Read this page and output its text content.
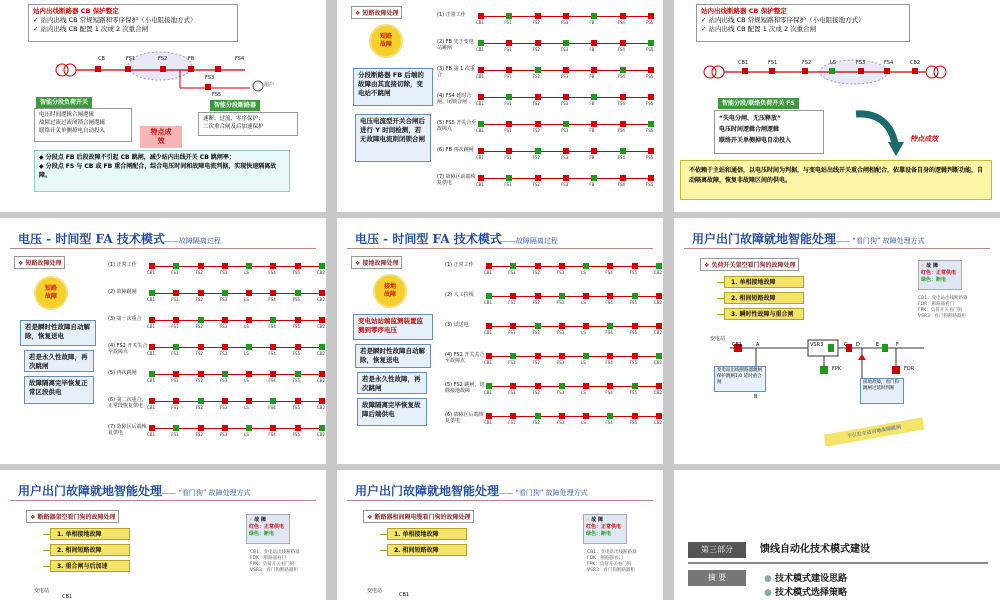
站内出线断路器 CB 保护整定
✓ 站内出线 CB 常规短路和零序保护（小电阻接地方式）
✓ 站内出线 CB 配置 1 次或 2 次重合闸
CB	FS1	FS2	FB
FS3
FS4
用户
FS5
智能分段负荷开关	智能分段断路器
电压时间逻辑合闸逻辑
故障过流过流闭锁合闸逻辑
联络开关单侧掉电自动投入
速断、过流、零序保护；
二次重合闸及后加速保护
特点成
效
◆ 分段点 FB 后段故障不引起 CB 跳闸，减少站内出线开关 CB 跳闸率；
◆ 分段点 FS 与 CB 或 FB 重合闸配合，综合电压时间和故障电流判据，实现快速隔离故障。
❖ 短路故障处理
短路
故障
分段断路器 FB 后端的故障由其直接切除，变电站不跳闸
电压电流型开关合闸后进行 Y 时间检测，若无故障电流则闭锁合闸
(1) 正常工作
CB1	FS1	FS2	FS3	FB	FS4	FS5
(2) FB 先于变电站跳闸	CB1	FS1	FS2	FS3	FB	FS4	FS5
(3) FB 第 1 次重合	CB1	FS1	FS2	FS3	FB	FS4	FS5
(4) FS4 延时合闸，闭锁合闸	CB1	FS1	FS2	FS3	FB	FS4	FS5
(5) FS5 开关合至故障点	CB1	FS1	FS2	FS3	FB	FS4	FS5
(6) FB 再次跳闸
CB1	FS1	FS2	FS3	FB	FS4	FS5
(7) 故障区前端恢复供电	CB1	FS1	FS2	FS3	FB	FS4	FS5
站内出线断路器 CB 保护整定
✓ 站内出线 CB 常规短路和零序保护（小电阻接地方式）
✓ 站内出线 CB 配置 1 次或 2 次重合闸
CB1	FS1	FS2	LS	FS3	FS4	CB2
智能分段/联络负荷开关 FS
“失电分闸、无压释放”
电压时间逻辑合闸逻辑
联络开关单侧掉电自动投入	特点成效
不依赖于主站和通信，以电压时间为判据，与变电站出线开关重合闸相配合，依靠设备自身的逻辑判断功能，自动隔离故障，恢复非故障区间的供电。
电压 - 时间型 FA 技术模式——故障隔离过程
❖ 短路故障处理
短路
故障
若是瞬时性故障自动解除，恢复送电
若是永久性故障，再次跳闸
故障隔离完毕恢复正常区段供电
(1) 正常工作
CB1	FS1	FS2	FS3	LS	FS4	FS5	CB2
(2) 故障跳闸
CB1	FS1	FS2	FS3	LS	FS4	FS5	CB2
(3) 第一次重合
CB1	FS1	FS2	FS3	LS	FS4	FS5	CB2
(4) FS2 开关失合至故障点	CB1	FS1	FS2	FS3	LS	FS4	FS5	CB2
(5) 再次跳闸
CB1	FS1	FS2	FS3	LS	FS4	FS5	CB2
(6) 第二次重合，正常段恢复供电 CB1	FS1	FS2	FS3	LS	FS4	FS5	CB2
(7) 故障区后端恢复供电	CB1	FS1	FS2	FS3	LS	FS4	FS5	CB2
电压 - 时间型 FA 技术模式——故障隔离过程
❖ 接地故障处理
接地
故障
变电站站端监测装置监测到零序电压
若是瞬时性故障自动解除，恢复送电
若是永久性故障，再次跳闸
故障隔离完毕恢复故障后端供电
(1) 正常工作
CB1	FS1	FS2	FS3	LS	FS4	FS5	CB2
(2) 人工拉线
CB1	FS1	FS2	FS3	LS	FS4	FS5	CB2
(3) 试送电
CB1	FS1	FS2	FS3	LS	FS4	FS5	CB2
(4) FS2 开关关合至故障点	CB1	FS1	FS2	FS3	LS	FS4	FS5	CB2
(5) FS2 跳闸，切除接地故障	CB1	FS1	FS2	FS3	LS	FS4	FS5	CB2
(6) 故障区后端恢复供电	CB1	FS1	FS2	FS3	LS	FS4	FS5	CB2
用户出门故障就地智能处理—— “看门狗” 故障处理方式
❖ 负荷开关架空看门狗的故障处理
1. 单相接地故障
2. 相间短路故障
3. 瞬时性故障与重合闸
⚡ 故 障
红色：正常供电
绿色：断电
CB1：变电站出线断路器
FDR：断路器看门
FPK：负荷开关看门狗
VSR3：看门狗断路器柜
变电站
CB1	A	VSR3	C D	E	F
B
FDR
FPK
变电站出线断路器跳闸保护跳闸1.0 延时重合闸	接地故障，看门狗跳闸过延时判断
不引发主站对地故障跳闸
用户出门故障就地智能处理—— “看门狗” 故障处理方式
❖ 断路器架空看门狗的故障处理
1. 单相接地故障
2. 相间短路故障
3. 重合闸与后加速
⚡ 故 障
红色：正常供电
绿色：断电
CB1：变电站出线断路器
FDK：断路器看门
FPK：负荷开关看门狗
VSR3：看门狗断路器柜
变电站
CB1
用户出门故障就地智能处理—— “看门狗” 故障处理方式
❖ 断路器相间隔电缆看门狗的故障处理
1. 单相接地故障
2. 相间短路故障
⚡ 故 障
红色：正常供电
绿色：断电
CB1：变电站出线断路器
FDK：断路器看门
FPK：负荷开关看门狗
VSR3：看门狗断路器柜
变电站
CB1
第三部分	馈线自动化技术模式建设
摘 要	● 技术模式建设思路
● 技术模式选择策略
